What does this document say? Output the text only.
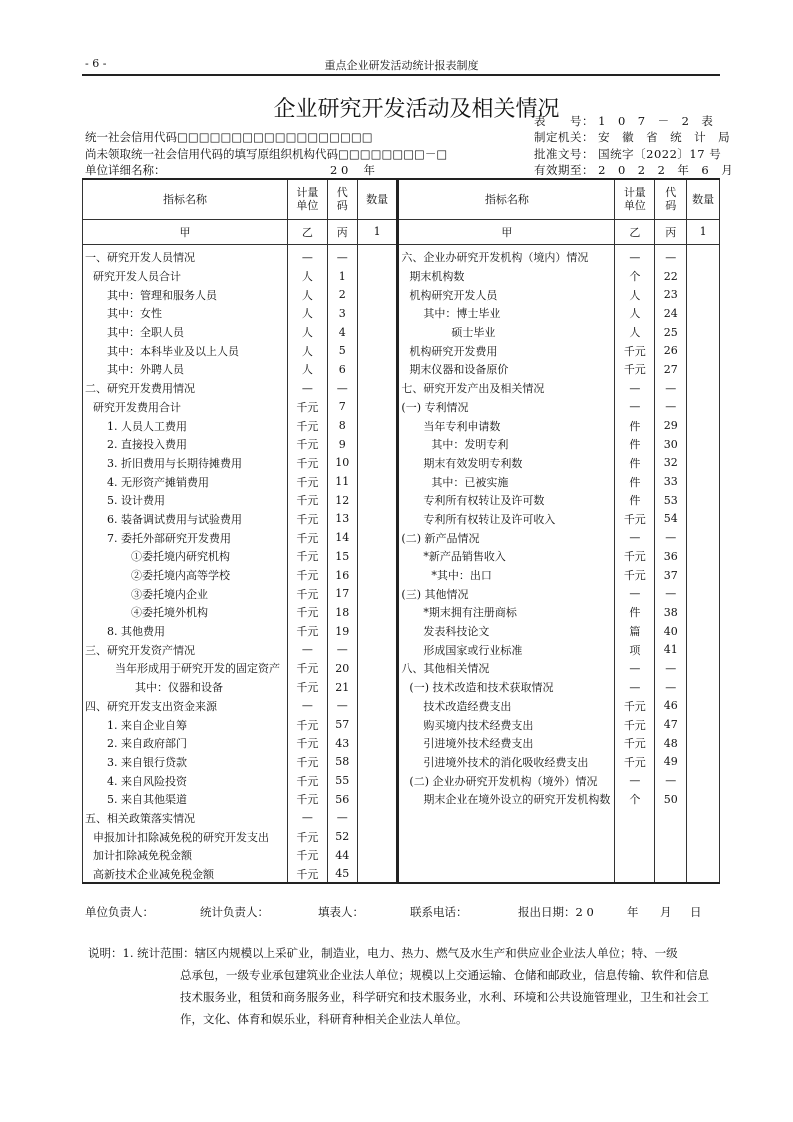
- 6 -	重点企业研发活动统计报表制度
企业研究开发活动及相关情况
统一社会信用代码□□□□□□□□□□□□□□□□□□
尚未领取统一社会信用代码的填写原组织机构代码□□□□□□□□－□
单位详细名称：	2 0　 年
表　　号： 1　0　7　－　2　表
制定机关： 安　徽　省　统　计　局
批准文号： 国统字〔2022〕17 号
有效期至： 2　0　2　2　年　6　月
指标名称	计量单位	代码	数量	指标名称	计量单位	代码	数量
甲	乙	丙	1	甲	乙	丙	1

一、研究开发人员情况	—	—		六、企业办研究开发机构（境内）情况	—	—	
研究开发人员合计	人	1		期末机构数	个	22	
其中：管理和服务人员	人	2		机构研究开发人员	人	23	
其中：女性	人	3		其中：博士毕业	人	24	
其中：全职人员	人	4		硕士毕业	人	25	
其中：本科毕业及以上人员	人	5		机构研究开发费用	千元	26	
其中：外聘人员	人	6		期末仪器和设备原价	千元	27	
二、研究开发费用情况	—	—		七、研究开发产出及相关情况	—	—	
研究开发费用合计	千元	7		(一) 专利情况	—	—	
1. 人员人工费用	千元	8		当年专利申请数	件	29	
2. 直接投入费用	千元	9		其中：发明专利	件	30	
3. 折旧费用与长期待摊费用	千元	10		期末有效发明专利数	件	32	
4. 无形资产摊销费用	千元	11		其中：已被实施	件	33	
5. 设计费用	千元	12		专利所有权转让及许可数	件	53	
6. 装备调试费用与试验费用	千元	13		专利所有权转让及许可收入	千元	54	
7. 委托外部研究开发费用	千元	14		(二) 新产品情况	—	—	
①委托境内研究机构	千元	15		*新产品销售收入	千元	36	
②委托境内高等学校	千元	16		*其中：出口	千元	37	
③委托境内企业	千元	17		(三) 其他情况	—	—	
④委托境外机构	千元	18		*期末拥有注册商标	件	38	
8. 其他费用	千元	19		发表科技论文	篇	40	
三、研究开发资产情况	—	—		形成国家或行业标准	项	41	
当年形成用于研究开发的固定资产	千元	20		八、其他相关情况	—	—	
其中：仪器和设备	千元	21		(一) 技术改造和技术获取情况	—	—	
四、研究开发支出资金来源	—	—		技术改造经费支出	千元	46	
1. 来自企业自筹	千元	57		购买境内技术经费支出	千元	47	
2. 来自政府部门	千元	43		引进境外技术经费支出	千元	48	
3. 来自银行贷款	千元	58		引进境外技术的消化吸收经费支出	千元	49	
4. 来自风险投资	千元	55		(二) 企业办研究开发机构（境外）情况	—	—	
5. 来自其他渠道	千元	56		期末企业在境外设立的研究开发机构数	个	50	
五、相关政策落实情况	—	—					
申报加计扣除减免税的研究开发支出	千元	52					
加计扣除减免税金额	千元	44					
高新技术企业减免税金额	千元	45					
单位负责人：	统计负责人：	填表人：	联系电话：	报出日期：2 0	年 月 日
说明：1. 统计范围：辖区内规模以上采矿业，制造业，电力、热力、燃气及水生产和供应业企业法人单位；特、一级
总承包，一级专业承包建筑业企业法人单位；规模以上交通运输、仓储和邮政业，信息传输、软件和信息技术服务业，租赁和商务服务业，科学研究和技术服务业，水利、环境和公共设施管理业，卫生和社会工作，文化、体育和娱乐业，科研育种相关企业法人单位。
